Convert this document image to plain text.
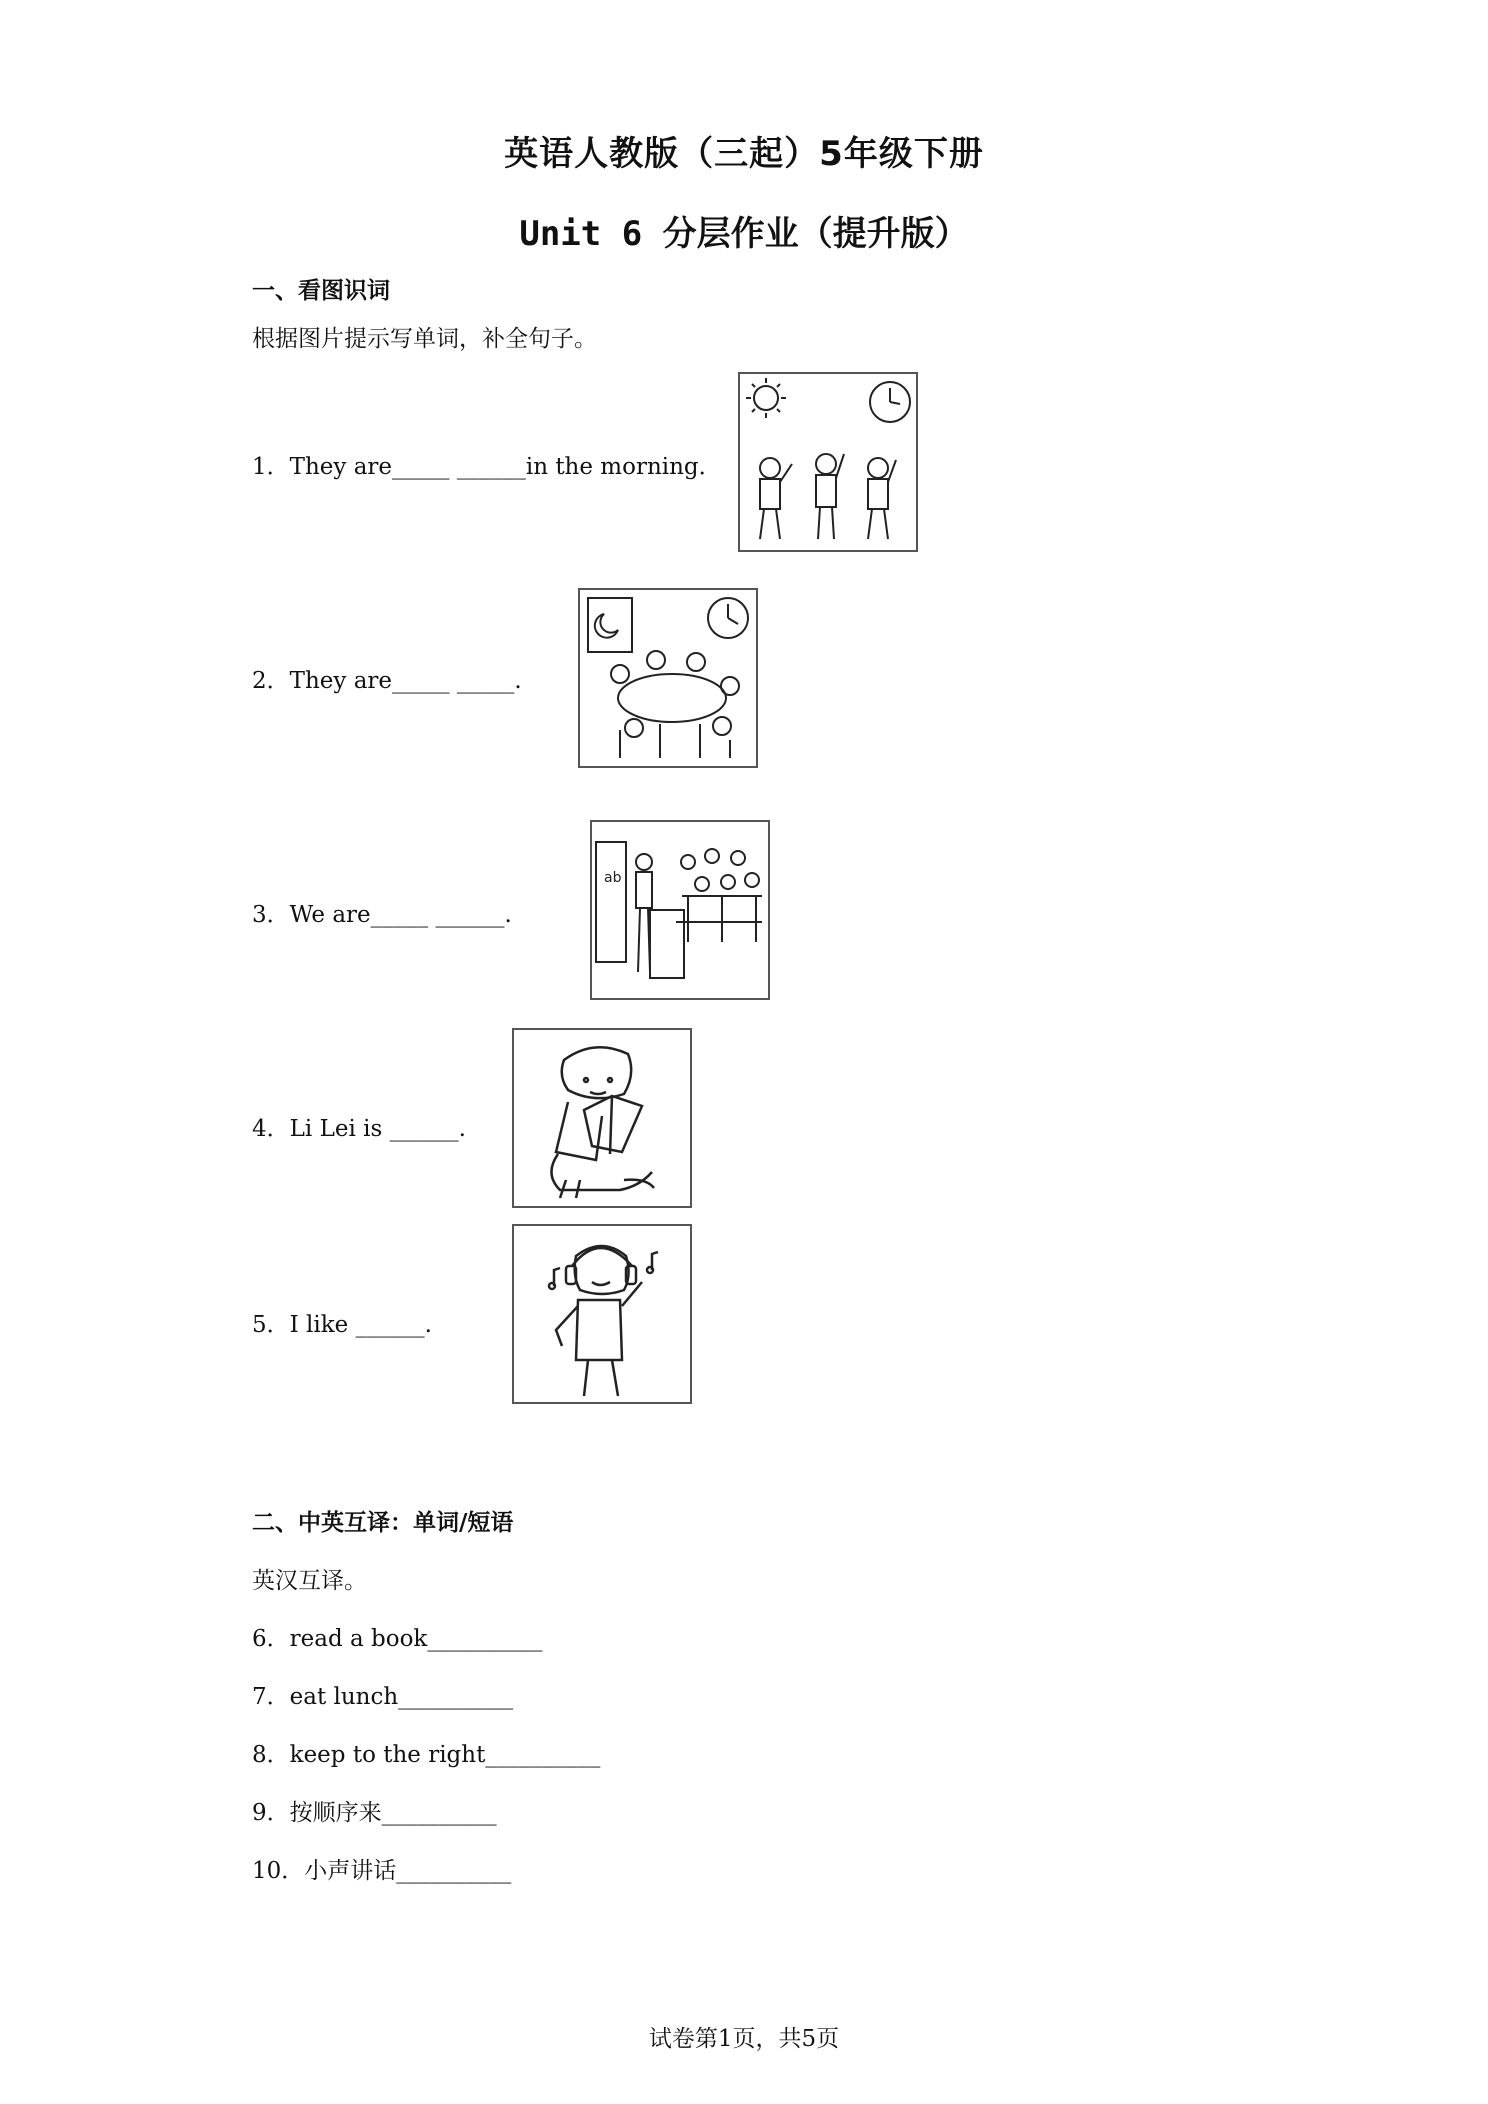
英语人教版（三起）5年级下册
Unit 6 分层作业（提升版）
一、看图识词
根据图片提示写单词，补全句子。
1．They are_____ ______in the morning．
2．They are_____ _____.
3．We are_____ ______.
ab
4．Li Lei is ______.
5．I like ______.
二、中英互译：单词/短语
英汉互译。
6．read a book__________
7．eat lunch__________
8．keep to the right__________
9．按顺序来__________
10．小声讲话__________
试卷第1页，共5页
